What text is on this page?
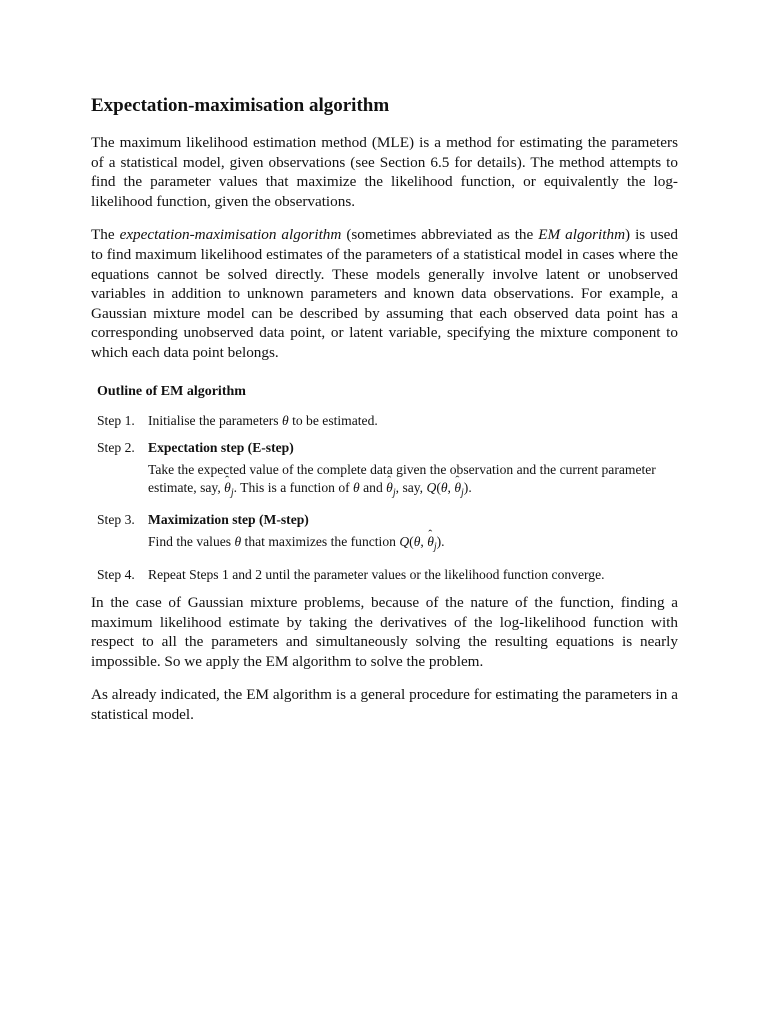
Expectation-maximisation algorithm

The maximum likelihood estimation method (MLE) is a method for estimating the parameters of a statistical model, given observations (see Section 6.5 for details). The method attempts to find the parameter values that maximize the likelihood function, or equivalently the log-likelihood function, given the observations.

The expectation-maximisation algorithm (sometimes abbreviated as the EM algorithm) is used to find maximum likelihood estimates of the parameters of a statistical model in cases where the equations cannot be solved directly. These models generally involve latent or unobserved variables in addition to unknown parameters and known data observations. For example, a Gaussian mixture model can be described by assuming that each observed data point has a corresponding unobserved data point, or latent variable, specifying the mixture component to which each data point belongs.

Outline of EM algorithm
Step 1. Initialise the parameters θ to be estimated.
Step 2. Expectation step (E-step)
Take the expected value of the complete data given the observation and the current parameter estimate, say, ˆ $\theta_j$. This is a function of θ and ˆ $\theta_j$, say, Q(θ, ˆ $\theta_j$).
Step 3. Maximization step (M-step)
Find the values θ that maximizes the function Q(θ, ˆ $\theta_j$).
Step 4. Repeat Steps 1 and 2 until the parameter values or the likelihood function converge.

In the case of Gaussian mixture problems, because of the nature of the function, finding a maximum likelihood estimate by taking the derivatives of the log-likelihood function with respect to all the parameters and simultaneously solving the resulting equations is nearly impossible. So we apply the EM algorithm to solve the problem.

As already indicated, the EM algorithm is a general procedure for estimating the parameters in a statistical model.
